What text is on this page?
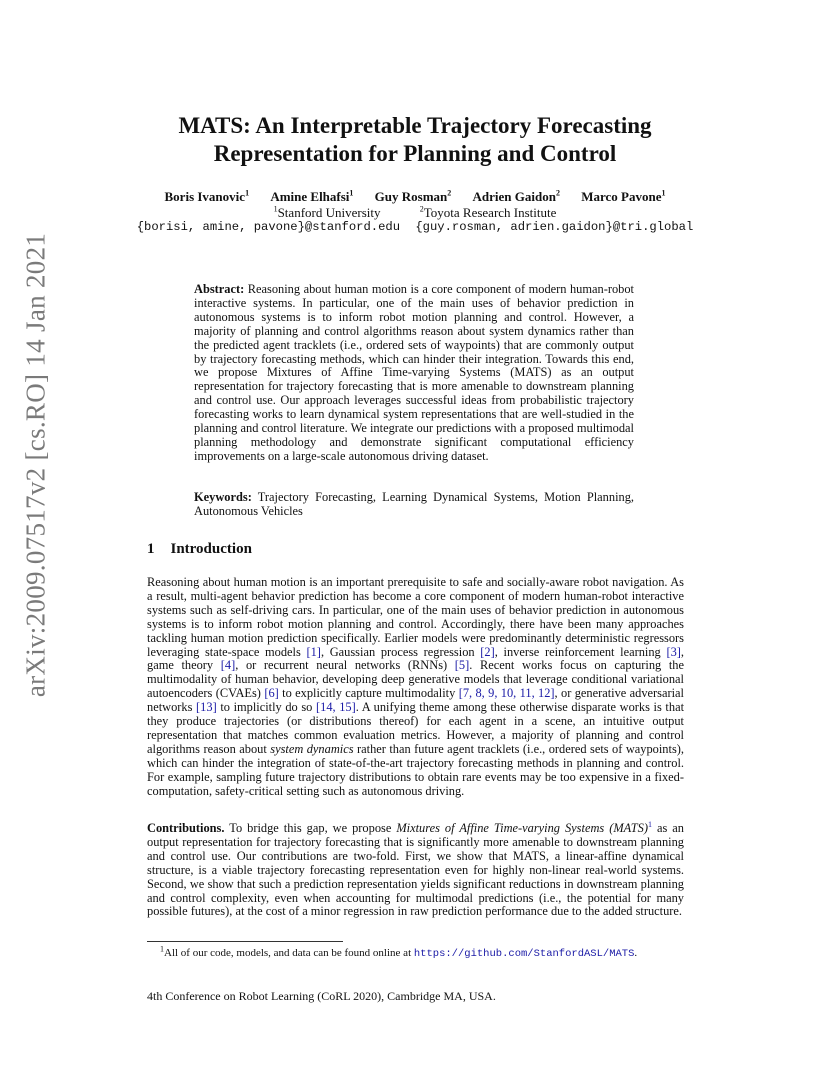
arXiv:2009.07517v2 [cs.RO] 14 Jan 2021
MATS: An Interpretable Trajectory Forecasting
Representation for Planning and Control
Boris Ivanovic$^1$ Amine Elhafsi$^1$ Guy Rosman$^2$ Adrien Gaidon$^2$ Marco Pavone$^1$
$^1$Stanford University	$^2$Toyota Research Institute
{borisi, amine, pavone}@stanford.edu {guy.rosman, adrien.gaidon}@tri.global
Abstract: Reasoning about human motion is a core component of modern human-robot interactive systems. In particular, one of the main uses of behavior prediction in autonomous systems is to inform robot motion planning and control. However, a majority of planning and control algorithms reason about system dynamics rather than the predicted agent tracklets (i.e., ordered sets of waypoints) that are commonly output by trajectory forecasting methods, which can hinder their integration. Towards this end, we propose Mixtures of Affine Time-varying Systems (MATS) as an output representation for trajectory forecasting that is more amenable to downstream planning and control use. Our approach leverages successful ideas from probabilistic trajectory forecasting works to learn dynamical system representations that are well-studied in the planning and control literature. We integrate our predictions with a proposed multimodal planning methodology and demonstrate significant computational efficiency improvements on a large-scale autonomous driving dataset.
Keywords: Trajectory Forecasting, Learning Dynamical Systems, Motion Planning, Autonomous Vehicles
1 Introduction
Reasoning about human motion is an important prerequisite to safe and socially-aware robot navigation. As a result, multi-agent behavior prediction has become a core component of modern human-robot interactive systems such as self-driving cars. In particular, one of the main uses of behavior prediction in autonomous systems is to inform robot motion planning and control. Accordingly, there have been many approaches tackling human motion prediction specifically. Earlier models were predominantly deterministic regressors leveraging state-space models [1], Gaussian process regression [2], inverse reinforcement learning [3], game theory [4], or recurrent neural networks (RNNs) [5]. Recent works focus on capturing the multimodality of human behavior, developing deep generative models that leverage conditional variational autoencoders (CVAEs) [6] to explicitly capture multimodality [7, 8, 9, 10, 11, 12], or generative adversarial networks [13] to implicitly do so [14, 15]. A unifying theme among these otherwise disparate works is that they produce trajectories (or distributions thereof) for each agent in a scene, an intuitive output representation that matches common evaluation metrics. However, a majority of planning and control algorithms reason about system dynamics rather than future agent tracklets (i.e., ordered sets of waypoints), which can hinder the integration of state-of-the-art trajectory forecasting methods in planning and control. For example, sampling future trajectory distributions to obtain rare events may be too expensive in a fixed-computation, safety-critical setting such as autonomous driving.
Contributions. To bridge this gap, we propose Mixtures of Affine Time-varying Systems (MATS)$^1$ as an output representation for trajectory forecasting that is significantly more amenable to downstream planning and control use. Our contributions are two-fold. First, we show that MATS, a linear-affine dynamical structure, is a viable trajectory forecasting representation even for highly non-linear real-world systems. Second, we show that such a prediction representation yields significant reductions in downstream planning and control complexity, even when accounting for multimodal predictions (i.e., the potential for many possible futures), at the cost of a minor regression in raw prediction performance due to the added structure.
$^1$All of our code, models, and data can be found online at https://github.com/StanfordASL/MATS.
4th Conference on Robot Learning (CoRL 2020), Cambridge MA, USA.
